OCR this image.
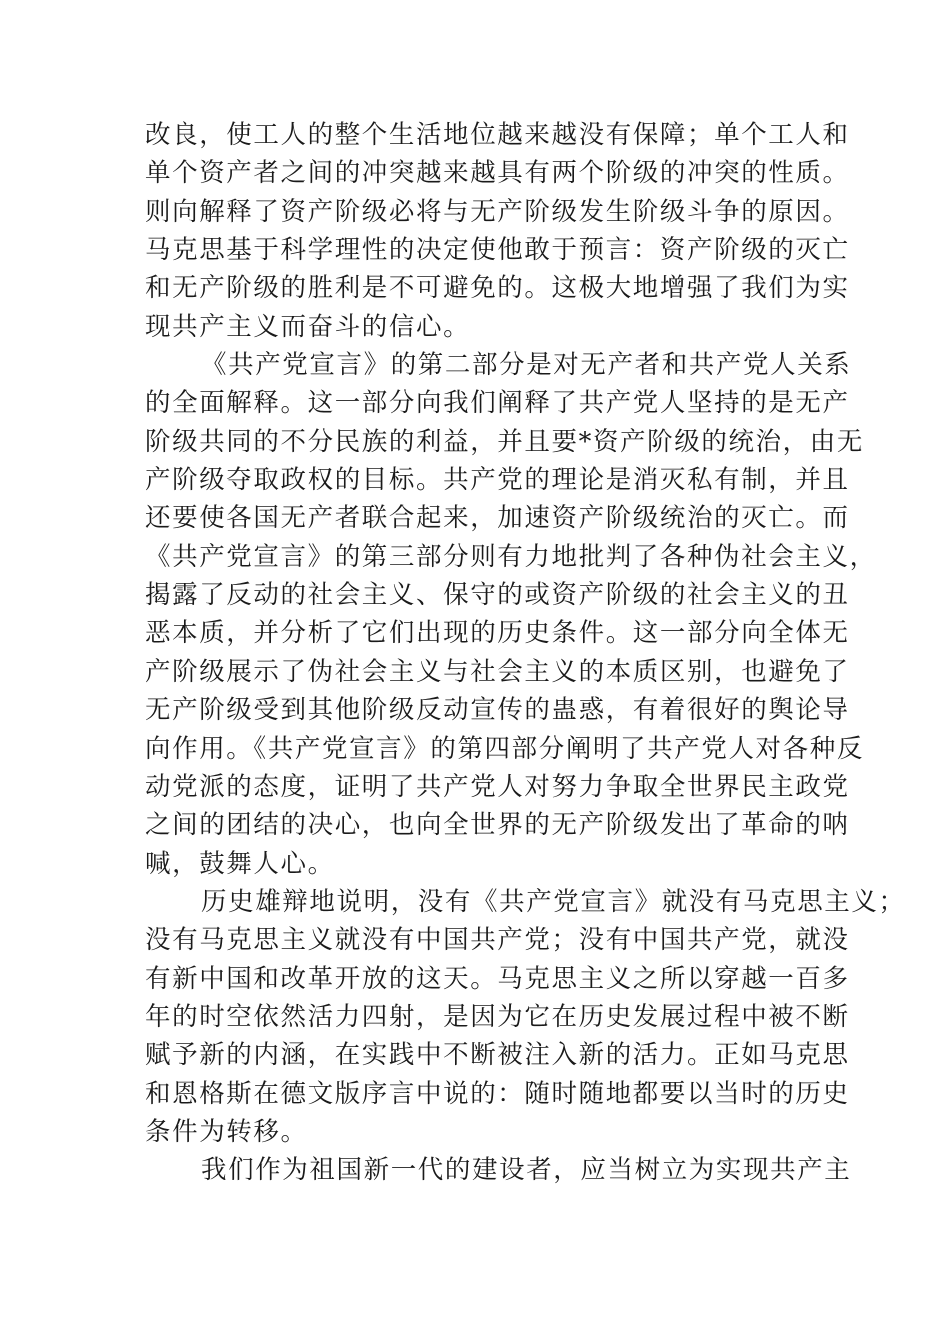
改良，使工人的整个生活地位越来越没有保障；单个工人和
单个资产者之间的冲突越来越具有两个阶级的冲突的性质。
则向解释了资产阶级必将与无产阶级发生阶级斗争的原因。
马克思基于科学理性的决定使他敢于预言：资产阶级的灭亡
和无产阶级的胜利是不可避免的。这极大地增强了我们为实
现共产主义而奋斗的信心。
《共产党宣言》的第二部分是对无产者和共产党人关系
的全面解释。这一部分向我们阐释了共产党人坚持的是无产
阶级共同的不分民族的利益，并且要*资产阶级的统治，由无
产阶级夺取政权的目标。共产党的理论是消灭私有制，并且
还要使各国无产者联合起来，加速资产阶级统治的灭亡。而
《共产党宣言》的第三部分则有力地批判了各种伪社会主义，
揭露了反动的社会主义、保守的或资产阶级的社会主义的丑
恶本质，并分析了它们出现的历史条件。这一部分向全体无
产阶级展示了伪社会主义与社会主义的本质区别，也避免了
无产阶级受到其他阶级反动宣传的蛊惑，有着很好的舆论导
向作用。《共产党宣言》的第四部分阐明了共产党人对各种反
动党派的态度，证明了共产党人对努力争取全世界民主政党
之间的团结的决心，也向全世界的无产阶级发出了革命的呐
喊，鼓舞人心。
历史雄辩地说明，没有《共产党宣言》就没有马克思主义；
没有马克思主义就没有中国共产党；没有中国共产党，就没
有新中国和改革开放的这天。马克思主义之所以穿越一百多
年的时空依然活力四射，是因为它在历史发展过程中被不断
赋予新的内涵，在实践中不断被注入新的活力。正如马克思
和恩格斯在德文版序言中说的：随时随地都要以当时的历史
条件为转移。
我们作为祖国新一代的建设者，应当树立为实现共产主
